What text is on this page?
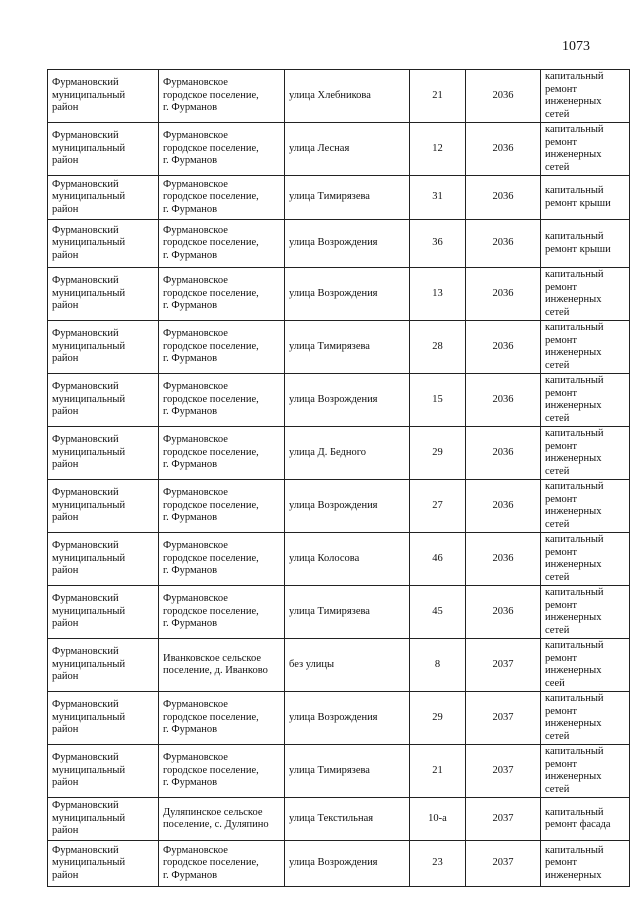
1073
Фурмановский
муниципальный
район	Фурмановское
городское поселение,
г. Фурманов	улица Хлебникова	21	2036	капитальный
ремонт
инженерных
сетей

Фурмановский
муниципальный
район	Фурмановское
городское поселение,
г. Фурманов	улица Лесная	12	2036	капитальный
ремонт
инженерных
сетей

Фурмановский
муниципальный
район	Фурмановское
городское поселение,
г. Фурманов	улица Тимирязева	31	2036	капитальный
ремонт крыши

Фурмановский
муниципальный
район	Фурмановское
городское поселение,
г. Фурманов	улица Возрождения	36	2036	капитальный
ремонт крыши

Фурмановский
муниципальный
район	Фурмановское
городское поселение,
г. Фурманов	улица Возрождения	13	2036	капитальный
ремонт
инженерных
сетей

Фурмановский
муниципальный
район	Фурмановское
городское поселение,
г. Фурманов	улица Тимирязева	28	2036	капитальный
ремонт
инженерных
сетей

Фурмановский
муниципальный
район	Фурмановское
городское поселение,
г. Фурманов	улица Возрождения	15	2036	капитальный
ремонт
инженерных
сетей

Фурмановский
муниципальный
район	Фурмановское
городское поселение,
г. Фурманов	улица Д. Бедного	29	2036	капитальный
ремонт
инженерных
сетей

Фурмановский
муниципальный
район	Фурмановское
городское поселение,
г. Фурманов	улица Возрождения	27	2036	капитальный
ремонт
инженерных
сетей

Фурмановский
муниципальный
район	Фурмановское
городское поселение,
г. Фурманов	улица Колосова	46	2036	капитальный
ремонт
инженерных
сетей

Фурмановский
муниципальный
район	Фурмановское
городское поселение,
г. Фурманов	улица Тимирязева	45	2036	капитальный
ремонт
инженерных
сетей

Фурмановский
муниципальный
район	Иванковское сельское
поселение, д. Иванково	без улицы	8	2037	капитальный
ремонт
инженерных
сеей

Фурмановский
муниципальный
район	Фурмановское
городское поселение,
г. Фурманов	улица Возрождения	29	2037	капитальный
ремонт
инженерных
сетей

Фурмановский
муниципальный
район	Фурмановское
городское поселение,
г. Фурманов	улица Тимирязева	21	2037	капитальный
ремонт
инженерных
сетей

Фурмановский
муниципальный
район	Дуляпинское сельское
поселение, с. Дуляпино	улица Текстильная	10-а	2037	капитальный
ремонт фасада

Фурмановский
муниципальный
район	Фурмановское
городское поселение,
г. Фурманов	улица Возрождения	23	2037	капитальный
ремонт
инженерных
